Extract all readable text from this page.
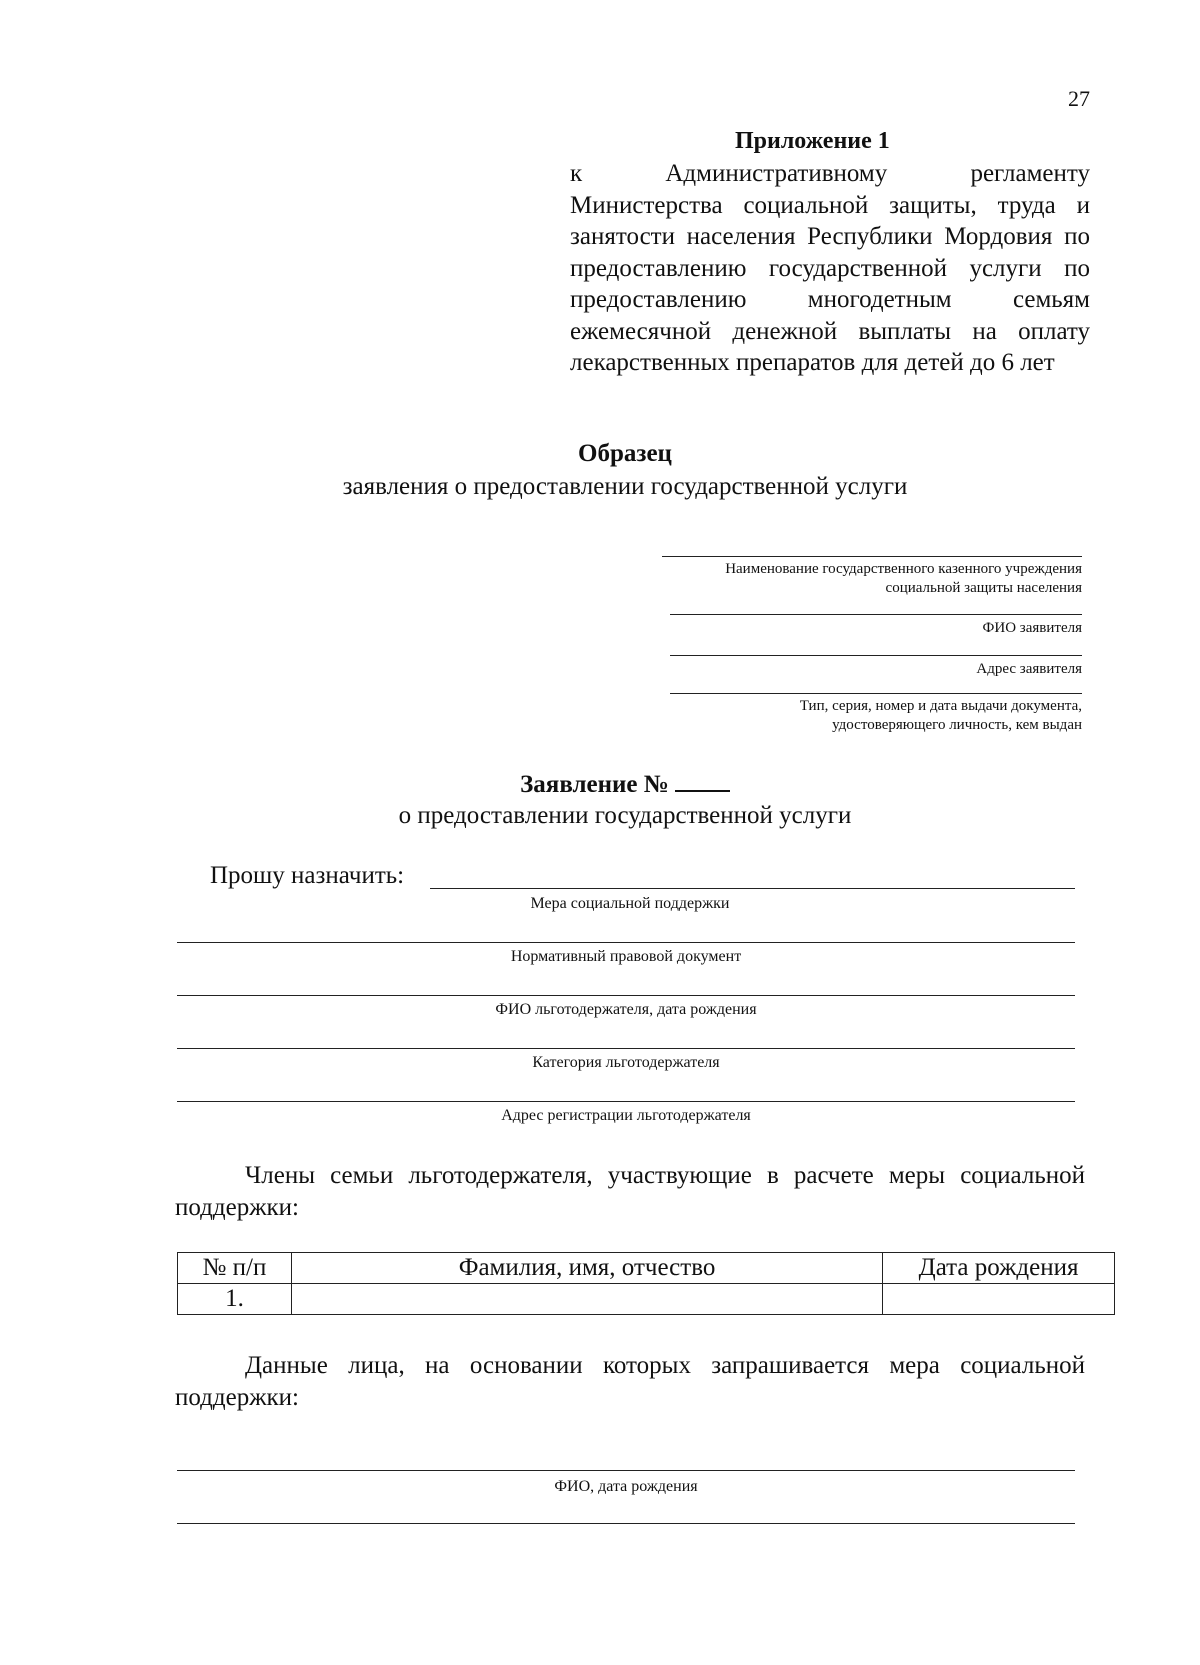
27
Приложение 1
к Административному регламенту Министерства социальной защиты, труда и занятости населения Республики Мордовия по предоставлению государственной услуги по предоставлению многодетным семьям ежемесячной денежной выплаты на оплату лекарственных препаратов для детей до 6 лет
Образец
заявления о предоставлении государственной услуги
Наименование государственного казенного учреждения
социальной защиты населения
ФИО заявителя
Адрес заявителя
Тип, серия, номер и дата выдачи документа,
удостоверяющего личность, кем выдан
Заявление №
о предоставлении государственной услуги
Прошу назначить:
Мера социальной поддержки
Нормативный правовой документ
ФИО льготодержателя, дата рождения
Категория льготодержателя
Адрес регистрации льготодержателя
Члены семьи льготодержателя, участвующие в расчете меры социальной поддержки:
№ п/п	Фамилия, имя, отчество	Дата рождения
1.		
Данные лица, на основании которых запрашивается мера социальной поддержки:
ФИО, дата рождения
